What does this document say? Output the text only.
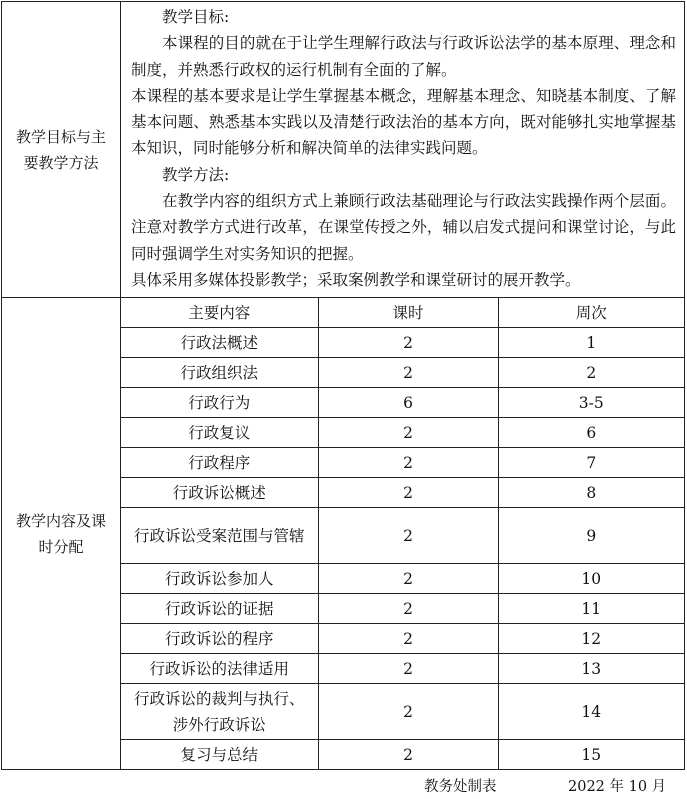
教学目标与主要教学方法	

教学目标:

本课程的目的就在于让学生理解行政法与行政诉讼法学的基本原理、理念和制度，并熟悉行政权的运行机制有全面的了解。

本课程的基本要求是让学生掌握基本概念，理解基本理念、知晓基本制度、了解基本问题、熟悉基本实践以及清楚行政法治的基本方向，既对能够扎实地掌握基本知识，同时能够分析和解决简单的法律实践问题。

教学方法:

在教学内容的组织方式上兼顾行政法基础理论与行政法实践操作两个层面。注意对教学方式进行改革，在课堂传授之外，辅以启发式提问和课堂讨论，与此同时强调学生对实务知识的把握。

具体采用多媒体投影教学；采取案例教学和课堂研讨的展开教学。

教学内容及课时分配	
主要内容	课时	周次
行政法概述	2	1
行政组织法	2	2
行政行为	6	3-5
行政复议	2	6
行政程序	2	7
行政诉讼概述	2	8
行政诉讼受案范围与管辖	2	9
行政诉讼参加人	2	10
行政诉讼的证据	2	11
行政诉讼的程序	2	12
行政诉讼的法律适用	2	13
行政诉讼的裁判与执行、涉外行政诉讼	2	14
复习与总结	2	15
教务处制表	2022 年 10 月
